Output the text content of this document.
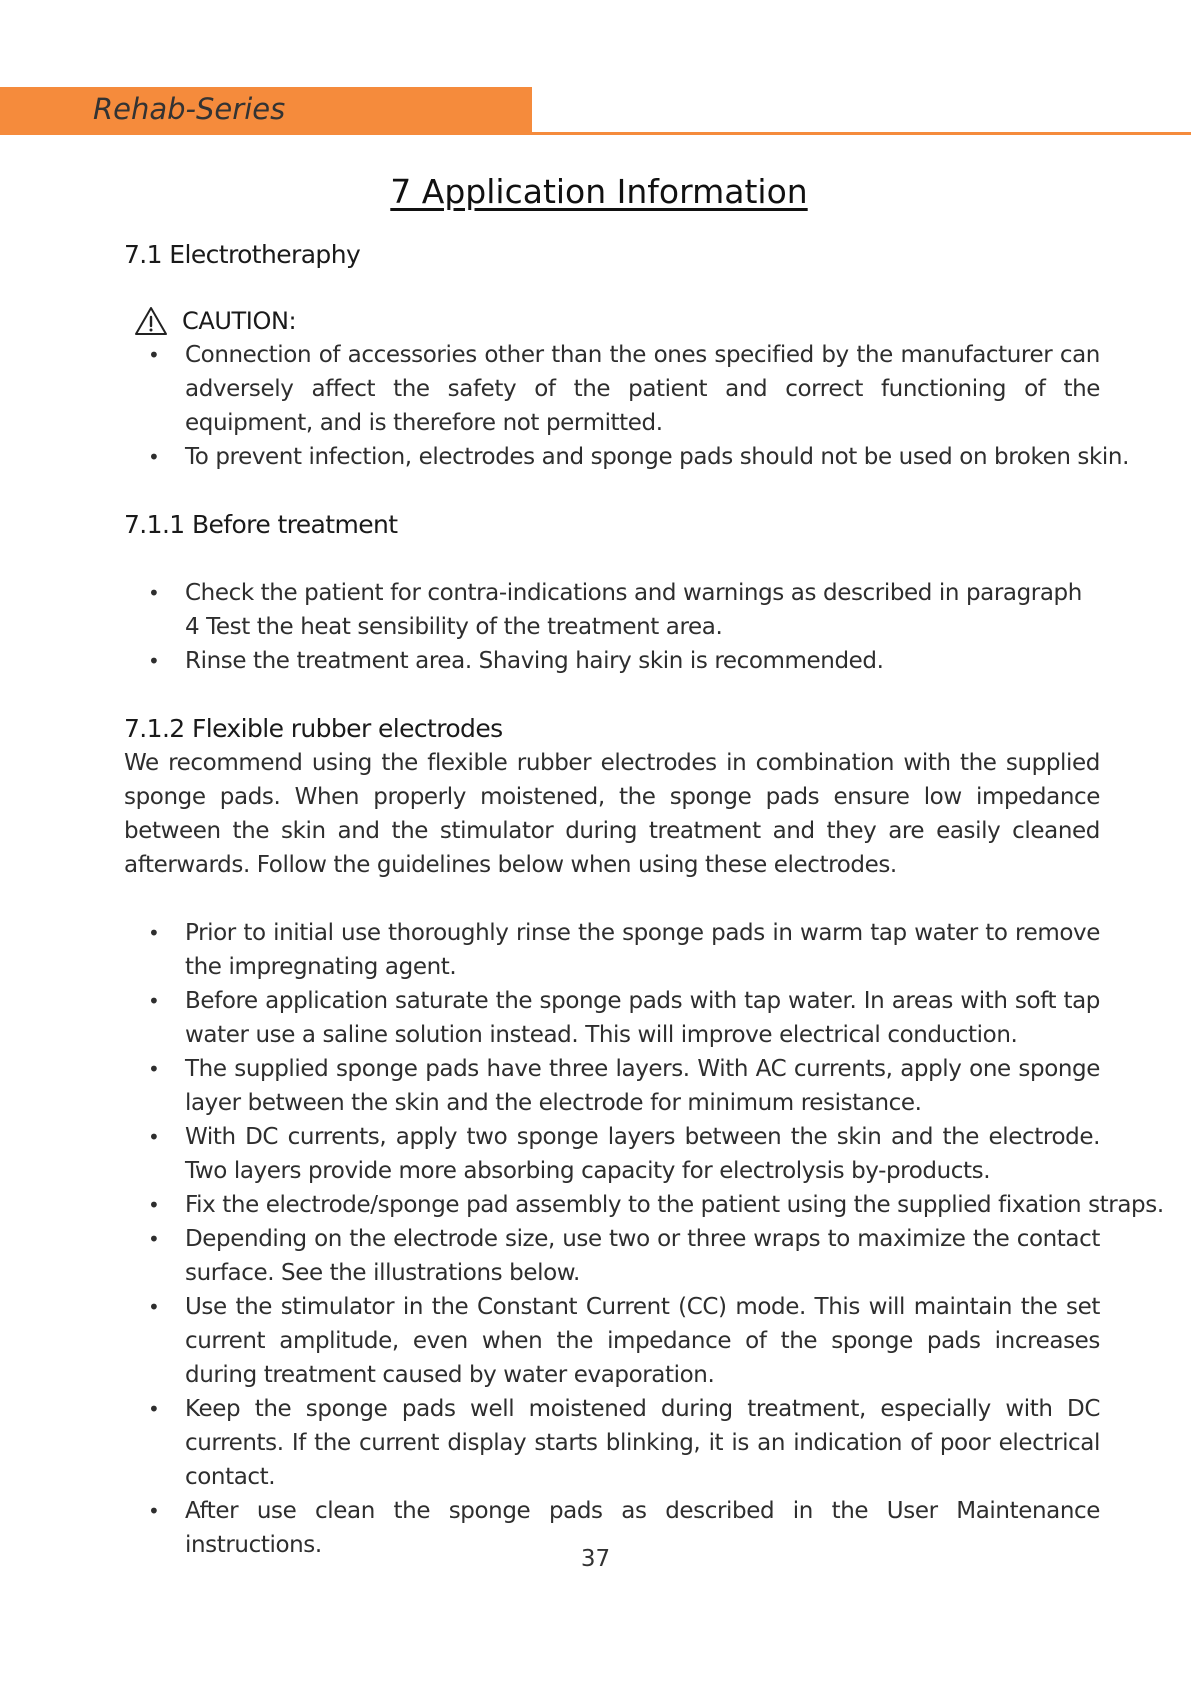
Rehab-Series
7 Application Information
7.1 Electrotheraphy
CAUTION:
• Connection of accessories other than the ones specified by the manufacturer can adversely affect the safety of the patient and correct functioning of the equipment, and is therefore not permitted.
• To prevent infection, electrodes and sponge pads should not be used on broken skin.
7.1.1 Before treatment
• Check the patient for contra-indications and warnings as described in paragraph 4 Test the heat sensibility of the treatment area.
• Rinse the treatment area. Shaving hairy skin is recommended.
7.1.2 Flexible rubber electrodes

We recommend using the flexible rubber electrodes in combination with the supplied sponge pads. When properly moistened, the sponge pads ensure low impedance between the skin and the stimulator during treatment and they are easily cleaned afterwards. Follow the guidelines below when using these electrodes.

• Prior to initial use thoroughly rinse the sponge pads in warm tap water to remove the impregnating agent.
• Before application saturate the sponge pads with tap water. In areas with soft tap water use a saline solution instead. This will improve electrical conduction.
• The supplied sponge pads have three layers. With AC currents, apply one sponge layer between the skin and the electrode for minimum resistance.
• With DC currents, apply two sponge layers between the skin and the electrode. Two layers provide more absorbing capacity for electrolysis by-products.
• Fix the electrode/sponge pad assembly to the patient using the supplied fixation straps.
• Depending on the electrode size, use two or three wraps to maximize the contact surface. See the illustrations below.
• Use the stimulator in the Constant Current (CC) mode. This will maintain the set current amplitude, even when the impedance of the sponge pads increases during treatment caused by water evaporation.
• Keep the sponge pads well moistened during treatment, especially with DC currents. If the current display starts blinking, it is an indication of poor electrical contact.
• After use clean the sponge pads as described in the User Maintenance instructions.
37
